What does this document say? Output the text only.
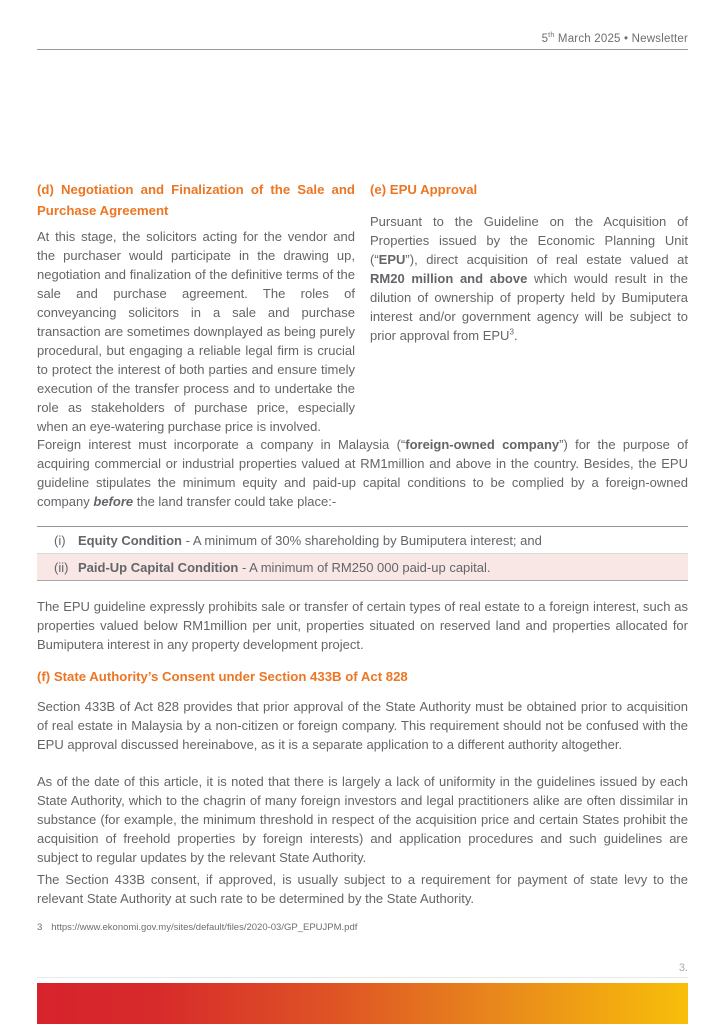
5th March 2025 • Newsletter
(d) Negotiation and Finalization of the Sale and Purchase Agreement

At this stage, the solicitors acting for the vendor and the purchaser would participate in the drawing up, negotiation and finalization of the definitive terms of the sale and purchase agreement. The roles of conveyancing solicitors in a sale and purchase transaction are sometimes downplayed as being purely procedural, but engaging a reliable legal firm is crucial to protect the interest of both parties and ensure timely execution of the transfer process and to undertake the role as stakeholders of purchase price, especially when an eye-watering purchase price is involved.

(e) EPU Approval

Pursuant to the Guideline on the Acquisition of Properties issued by the Economic Planning Unit (“EPU”), direct acquisition of real estate valued at RM20 million and above which would result in the dilution of ownership of property held by Bumiputera interest and/or government agency will be subject to prior approval from EPU$^3$.

Foreign interest must incorporate a company in Malaysia (“foreign-owned company”) for the purpose of acquiring commercial or industrial properties valued at RM1million and above in the country. Besides, the EPU guideline stipulates the minimum equity and paid-up capital conditions to be complied by a foreign-owned company before the land transfer could take place:-

(i) Equity Condition - A minimum of 30% shareholding by Bumiputera interest; and
(ii) Paid-Up Capital Condition - A minimum of RM250 000 paid-up capital.

The EPU guideline expressly prohibits sale or transfer of certain types of real estate to a foreign interest, such as properties valued below RM1million per unit, properties situated on reserved land and properties allocated for Bumiputera interest in any property development project.

(f) State Authority’s Consent under Section 433B of Act 828

Section 433B of Act 828 provides that prior approval of the State Authority must be obtained prior to acquisition of real estate in Malaysia by a non-citizen or foreign company. This requirement should not be confused with the EPU approval discussed hereinabove, as it is a separate application to a different authority altogether.

As of the date of this article, it is noted that there is largely a lack of uniformity in the guidelines issued by each State Authority, which to the chagrin of many foreign investors and legal practitioners alike are often dissimilar in substance (for example, the minimum threshold in respect of the acquisition price and certain States prohibit the acquisition of freehold properties by foreign interests) and application procedures and such guidelines are subject to regular updates by the relevant State Authority.

The Section 433B consent, if approved, is usually subject to a requirement for payment of state levy to the relevant State Authority at such rate to be determined by the State Authority.

3 https://www.ekonomi.gov.my/sites/default/files/2020-03/GP_EPUJPM.pdf
3.
